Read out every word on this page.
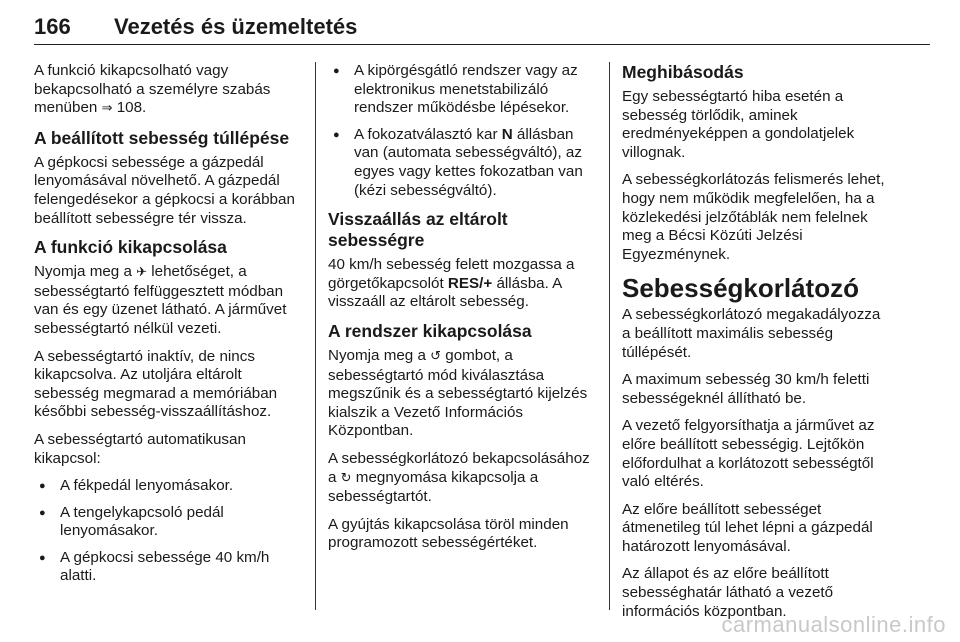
166 Vezetés és üzemeltetés

A funkció kikapcsolható vagy bekapcsolható a személyre szabás menüben ⇒ 108.

A beállított sebesség túllépése

A gépkocsi sebessége a gázpedál lenyomásával növelhető. A gázpedál felengedésekor a gépkocsi a korábban beállított sebességre tér vissza.

A funkció kikapcsolása

Nyomja meg a ✈ lehetőséget, a sebességtartó felfüggesztett módban van és egy üzenet látható. A járművet sebességtartó nélkül vezeti.

A sebességtartó inaktív, de nincs kikapcsolva. Az utoljára eltárolt sebesség megmarad a memóriában későbbi sebesség-visszaállításhoz.

A sebességtartó automatikusan kikapcsol:

● A fékpedál lenyomásakor.
● A tengelykapcsoló pedál lenyomásakor.
● A gépkocsi sebessége 40 km/h alatti.
● A kipörgésgátló rendszer vagy az elektronikus menetstabilizáló rendszer működésbe lépésekor.
● A fokozatválasztó kar N állásban van (automata sebességváltó), az egyes vagy kettes fokozatban van (kézi sebességváltó).
Visszaállás az eltárolt sebességre

40 km/h sebesség felett mozgassa a görgetőkapcsolót RES/+ állásba. A visszaáll az eltárolt sebesség.

A rendszer kikapcsolása

Nyomja meg a ↺ gombot, a sebességtartó mód kiválasztása megszűnik és a sebességtartó kijelzés kialszik a Vezető Információs Központban.

A sebességkorlátozó bekapcsolásához a ↻ megnyomása kikapcsolja a sebességtartót.

A gyújtás kikapcsolása töröl minden programozott sebességértéket.

Meghibásodás

Egy sebességtartó hiba esetén a sebesség törlődik, aminek eredményeképpen a gondolatjelek villognak.

A sebességkorlátozás felismerés lehet, hogy nem működik megfelelően, ha a közlekedési jelzőtáblák nem felelnek meg a Bécsi Közúti Jelzési Egyezménynek.

Sebességkorlátozó

A sebességkorlátozó megakadályozza a beállított maximális sebesség túllépését.

A maximum sebesség 30 km/h feletti sebességeknél állítható be.

A vezető felgyorsíthatja a járművet az előre beállított sebességig. Lejtőkön előfordulhat a korlátozott sebességtől való eltérés.

Az előre beállított sebességet átmenetileg túl lehet lépni a gázpedál határozott lenyomásával.

Az állapot és az előre beállított sebességhatár látható a vezető információs központban.

carmanualsonline.info
